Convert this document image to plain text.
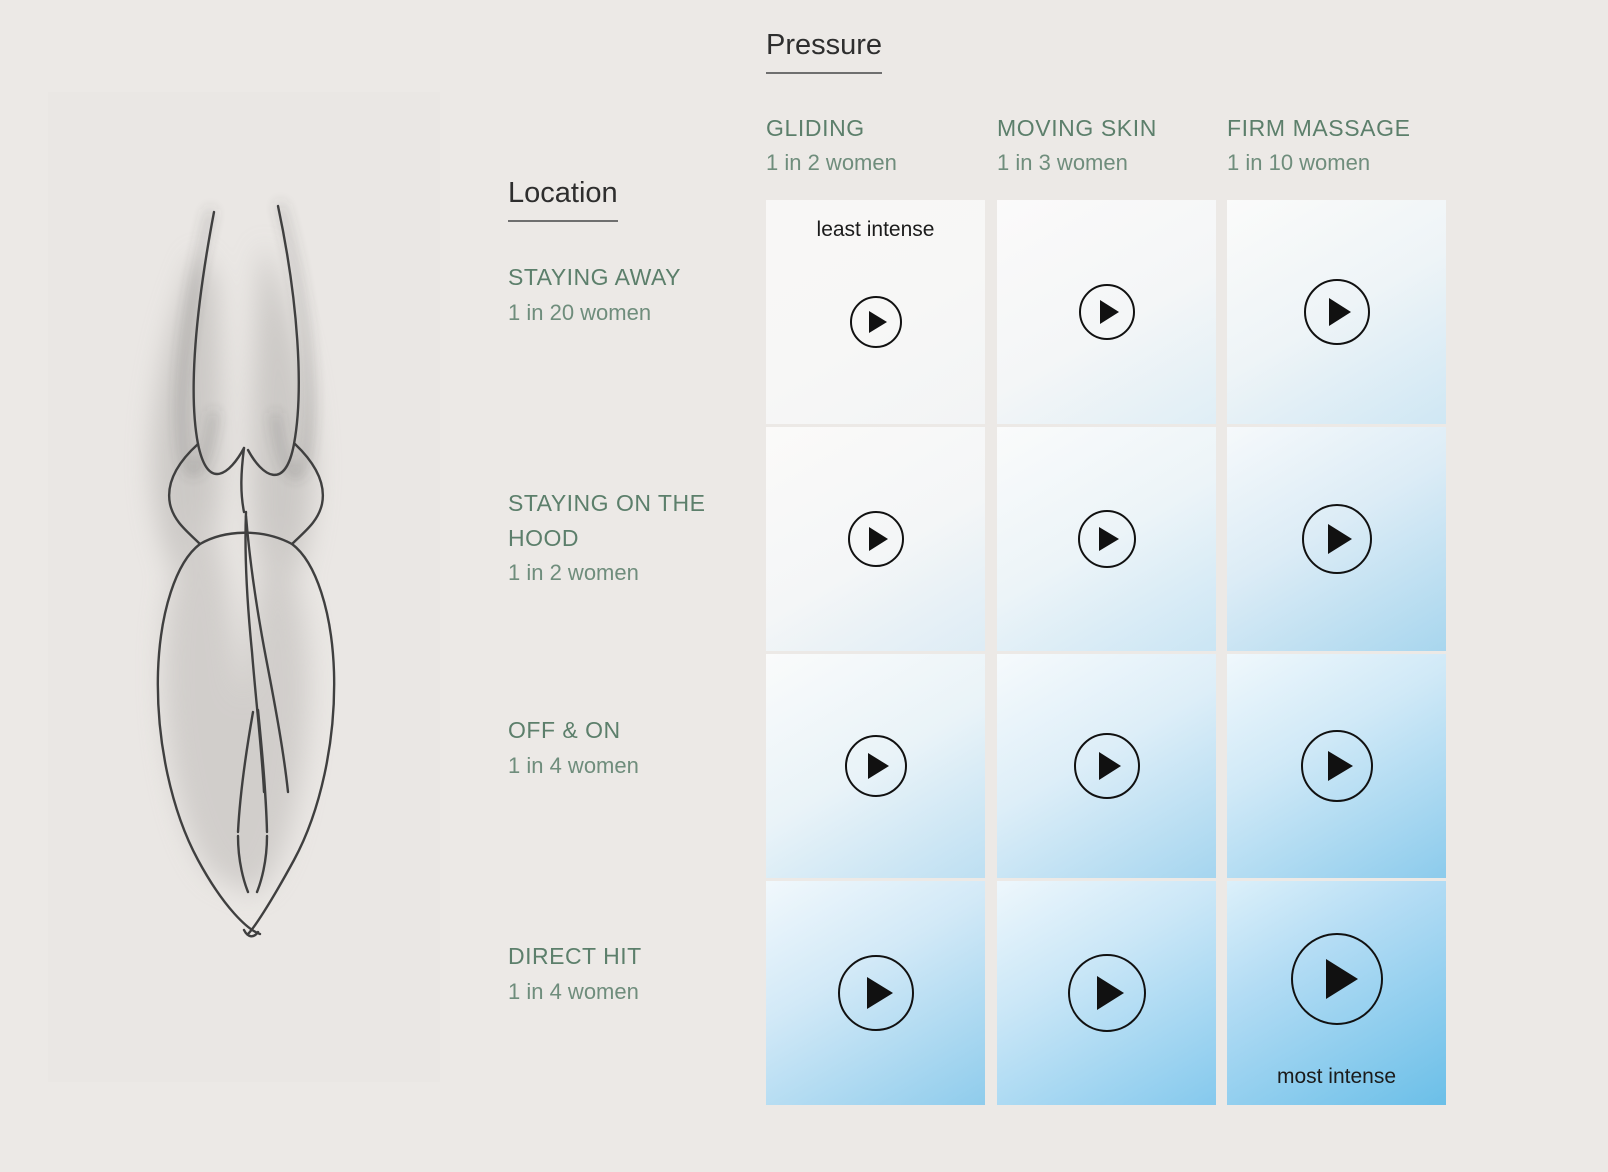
Location
STAYING AWAY
1 in 20 women
STAYING ON THE HOOD
1 in 2 women
OFF & ON
1 in 4 women
DIRECT HIT
1 in 4 women
Pressure
GLIDING
1 in 2 women
MOVING SKIN
1 in 3 women
FIRM MASSAGE
1 in 10 women
least intense
most intense
